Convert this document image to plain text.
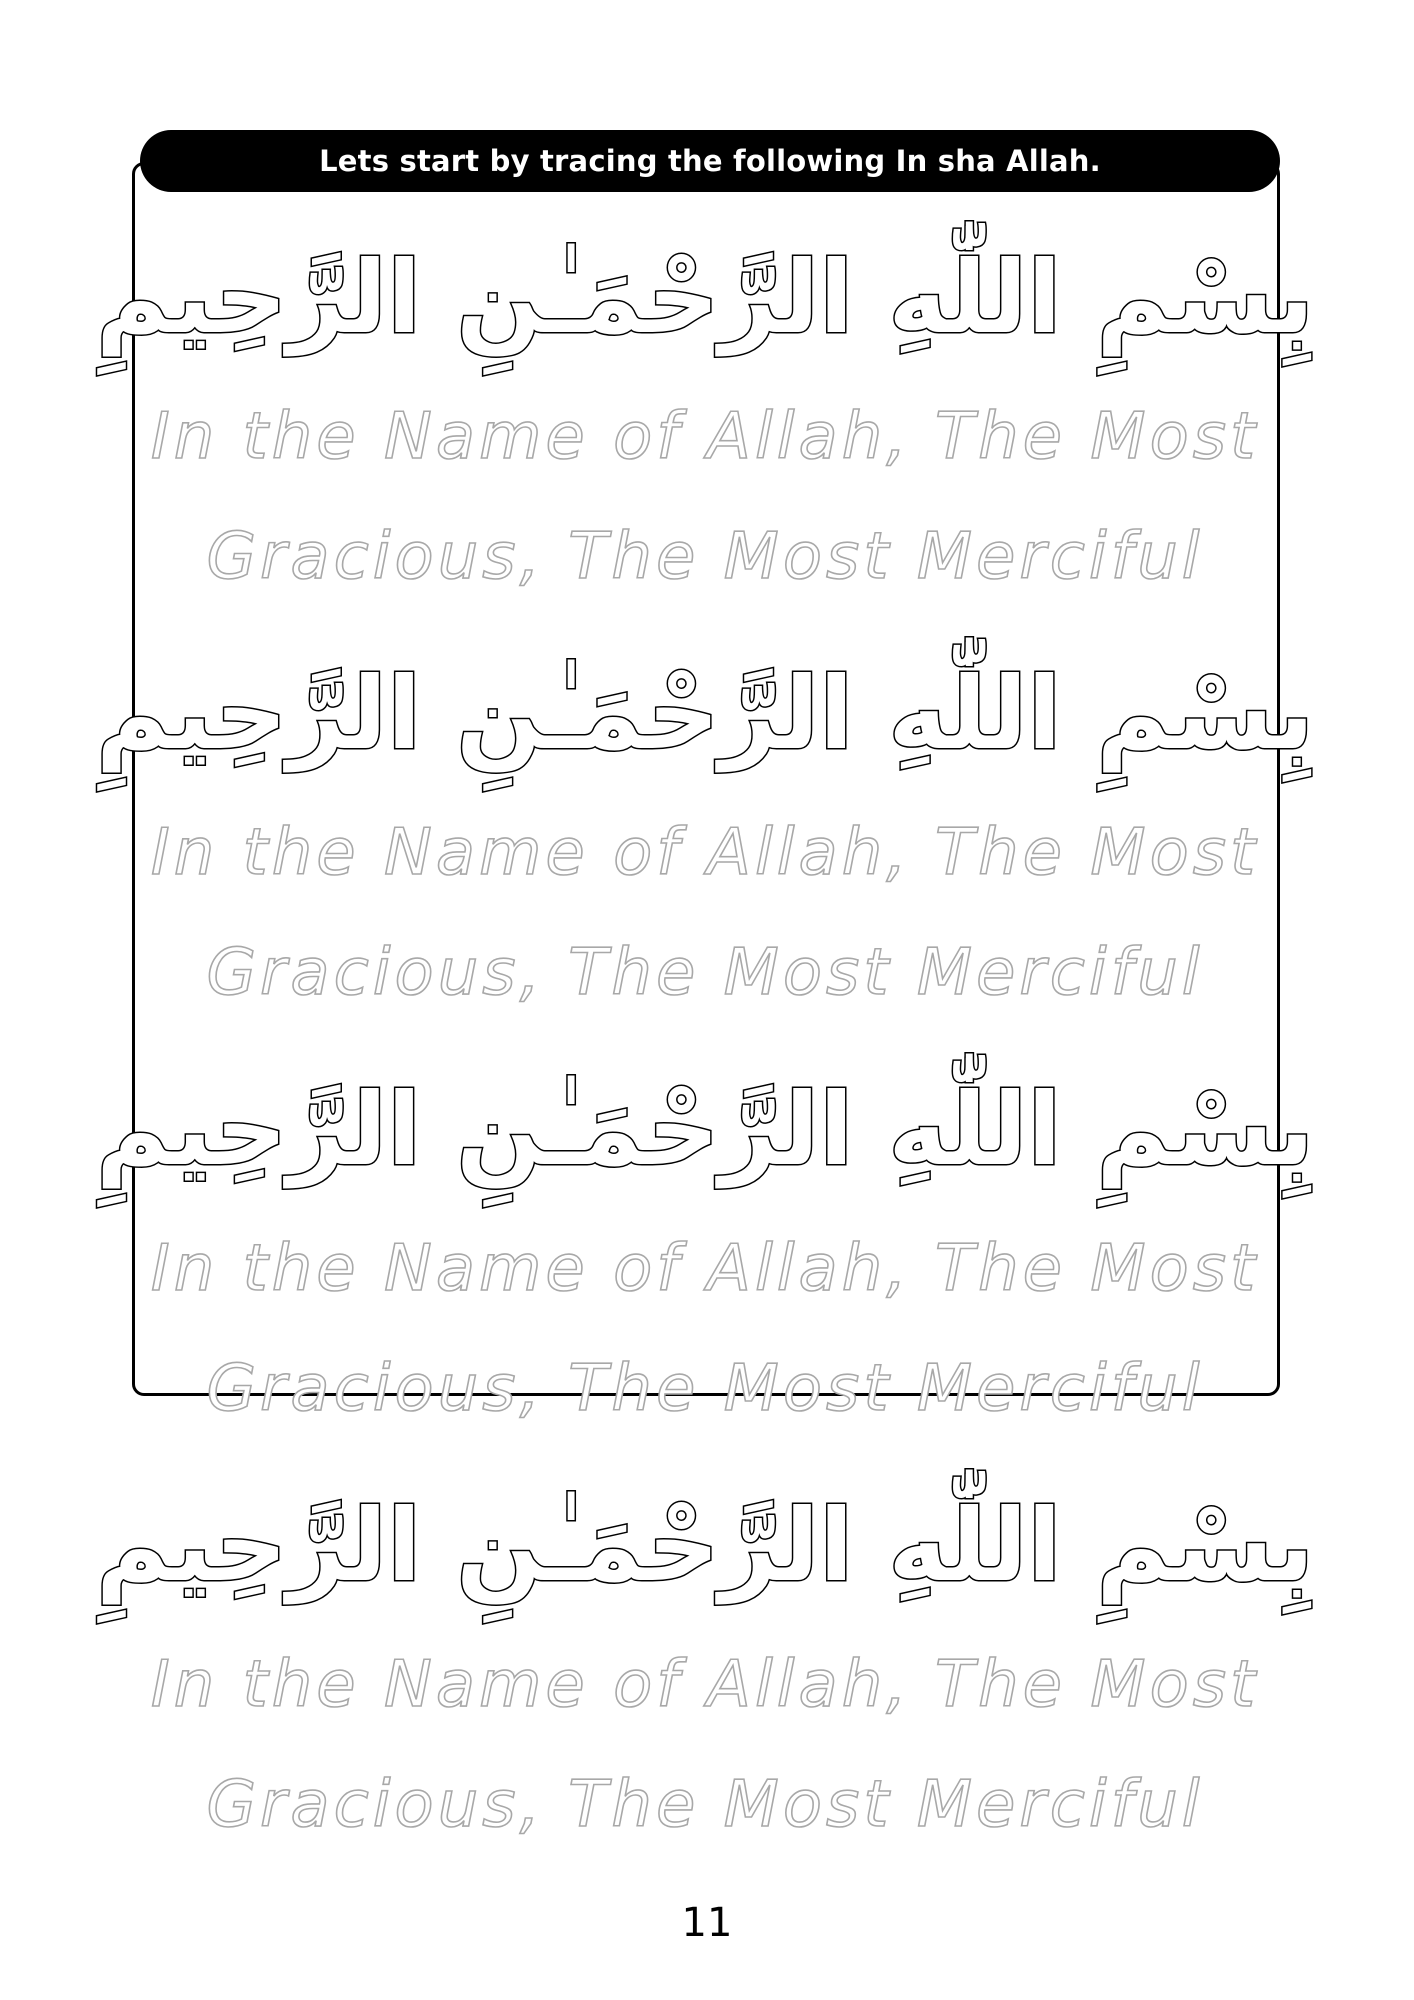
Lets start by tracing the following In sha Allah.
بِسْمِ اللّٰهِ الرَّحْمَـٰنِ الرَّحِيمِ
In the Name of Allah, The Most
Gracious, The Most Merciful
بِسْمِ اللّٰهِ الرَّحْمَـٰنِ الرَّحِيمِ
In the Name of Allah, The Most
Gracious, The Most Merciful
بِسْمِ اللّٰهِ الرَّحْمَـٰنِ الرَّحِيمِ
In the Name of Allah, The Most
Gracious, The Most Merciful
بِسْمِ اللّٰهِ الرَّحْمَـٰنِ الرَّحِيمِ
In the Name of Allah, The Most
Gracious, The Most Merciful
11
